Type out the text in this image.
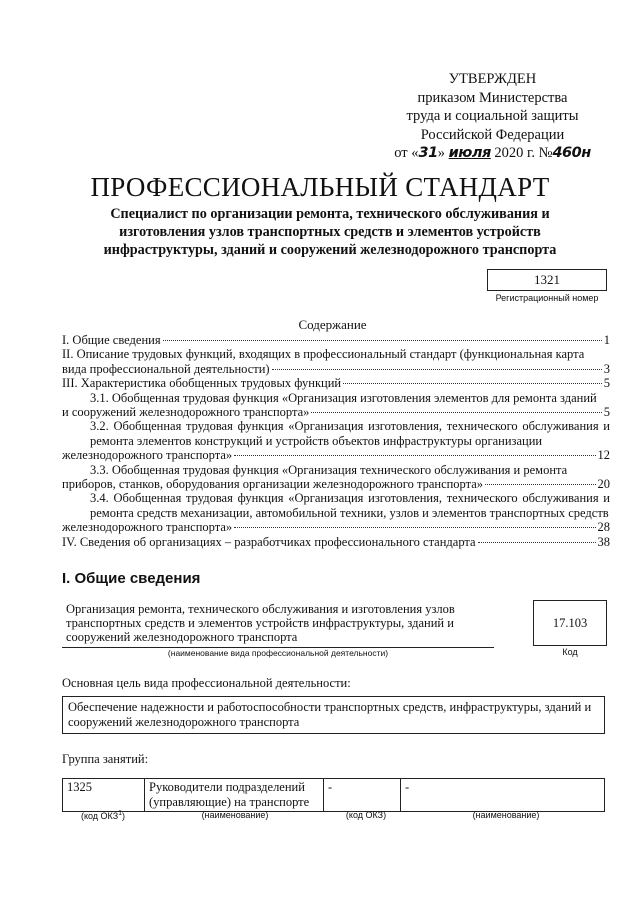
УТВЕРЖДЕН
приказом Министерства
труда и социальной защиты
Российской Федерации
от «31» июля 2020 г. №460н
ПРОФЕССИОНАЛЬНЫЙ СТАНДАРТ
Специалист по организации ремонта, технического обслуживания и изготовления узлов транспортных средств и элементов устройств инфраструктуры, зданий и сооружений железнодорожного транспорта
1321
Регистрационный номер
Содержание
I. Общие сведения	1
II. Описание трудовых функций, входящих в профессиональный стандарт (функциональная карта
вида профессиональной деятельности)	3
III. Характеристика обобщенных трудовых функций	5
3.1. Обобщенная трудовая функция «Организация изготовления элементов для ремонта зданий
и сооружений железнодорожного транспорта»	5
3.2. Обобщенная трудовая функция «Организация изготовления, технического обслуживания и ремонта элементов конструкций и устройств объектов инфраструктуры организации
железнодорожного транспорта»	12
3.3. Обобщенная трудовая функция «Организация технического обслуживания и ремонта
приборов, станков, оборудования организации железнодорожного транспорта»	20
3.4. Обобщенная трудовая функция «Организация изготовления, технического обслуживания и ремонта средств механизации, автомобильной техники, узлов и элементов транспортных средств
железнодорожного транспорта»	28
IV. Сведения об организациях – разработчиках профессионального стандарта	38
I. Общие сведения
Организация ремонта, технического обслуживания и изготовления узлов транспортных средств и элементов устройств инфраструктуры, зданий и сооружений железнодорожного транспорта
(наименование вида профессиональной деятельности)
17.103
Код
Основная цель вида профессиональной деятельности:
Обеспечение надежности и работоспособности транспортных средств, инфраструктуры, зданий и сооружений железнодорожного транспорта
Группа занятий:
1325	Руководители подразделений (управляющие) на транспорте	-	-
(код ОКЗ$^1$)	(наименование)	(код ОКЗ)	(наименование)
